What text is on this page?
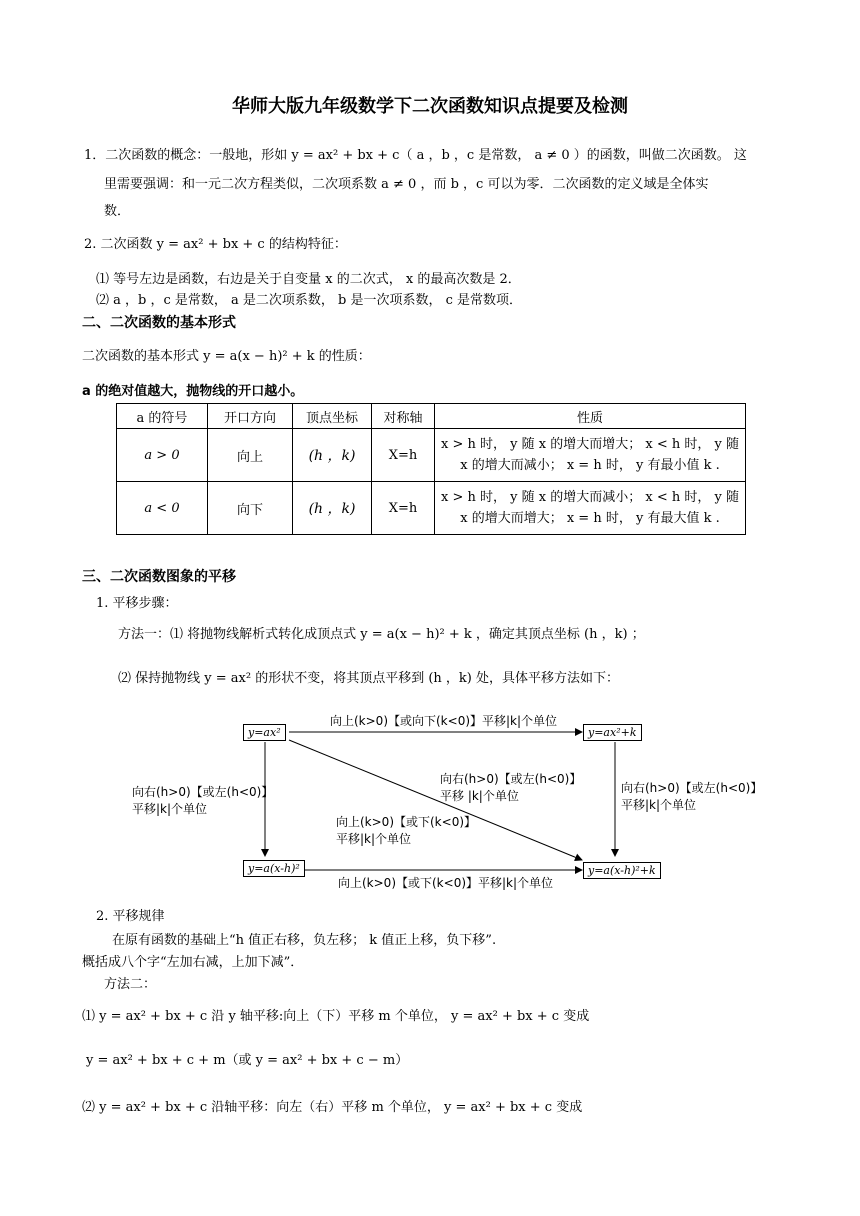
华师大版九年级数学下二次函数知识点提要及检测
1．二次函数的概念：一般地，形如 y = ax² + bx + c（ a ，b ，c 是常数， a ≠ 0 ）的函数，叫做二次函数。 这
里需要强调：和一元二次方程类似，二次项系数 a ≠ 0 ，而 b ，c 可以为零．二次函数的定义域是全体实
数．
2. 二次函数 y = ax² + bx + c 的结构特征：
⑴ 等号左边是函数，右边是关于自变量 x 的二次式， x 的最高次数是 2．
⑵ a ，b ，c 是常数， a 是二次项系数， b 是一次项系数， c 是常数项．
二、二次函数的基本形式
二次函数的基本形式 y = a(x − h)² + k 的性质：
a 的绝对值越大，抛物线的开口越小。
a 的符号	开口方向	顶点坐标	对称轴	性质
a > 0	向上	(h ，k)	X=h	x > h 时， y 随 x 的增大而增大； x < h 时， y 随
x 的增大而减小； x = h 时， y 有最小值 k .

a < 0	向下	(h ，k)	X=h	x > h 时， y 随 x 的增大而减小； x < h 时， y 随
x 的增大而增大； x = h 时， y 有最大值 k .
三、二次函数图象的平移
1. 平移步骤：
方法一：⑴ 将抛物线解析式转化成顶点式 y = a(x − h)² + k ，确定其顶点坐标 (h ，k) ；
⑵ 保持抛物线 y = ax² 的形状不变，将其顶点平移到 (h ，k) 处，具体平移方法如下：
y=ax²	y=ax²+k
y=a(x-h)²	y=a(x-h)²+k
向上(k>0)【或向下(k<0)】平移|k|个单位
向上(k>0)【或下(k<0)】平移|k|个单位
向右(h>0)【或左(h<0)】
平移|k|个单位
向右(h>0)【或左(h<0)】
平移|k|个单位
向右(h>0)【或左(h<0)】
平移 |k|个单位
向上(k>0)【或下(k<0)】
平移|k|个单位
2. 平移规律
在原有函数的基础上“h 值正右移，负左移； k 值正上移，负下移”.
概括成八个字“左加右减，上加下减”．
方法二：
⑴ y = ax² + bx + c 沿 y 轴平移:向上（下）平移 m 个单位， y = ax² + bx + c 变成
y = ax² + bx + c + m（或 y = ax² + bx + c − m）
⑵ y = ax² + bx + c 沿轴平移：向左（右）平移 m 个单位， y = ax² + bx + c 变成
